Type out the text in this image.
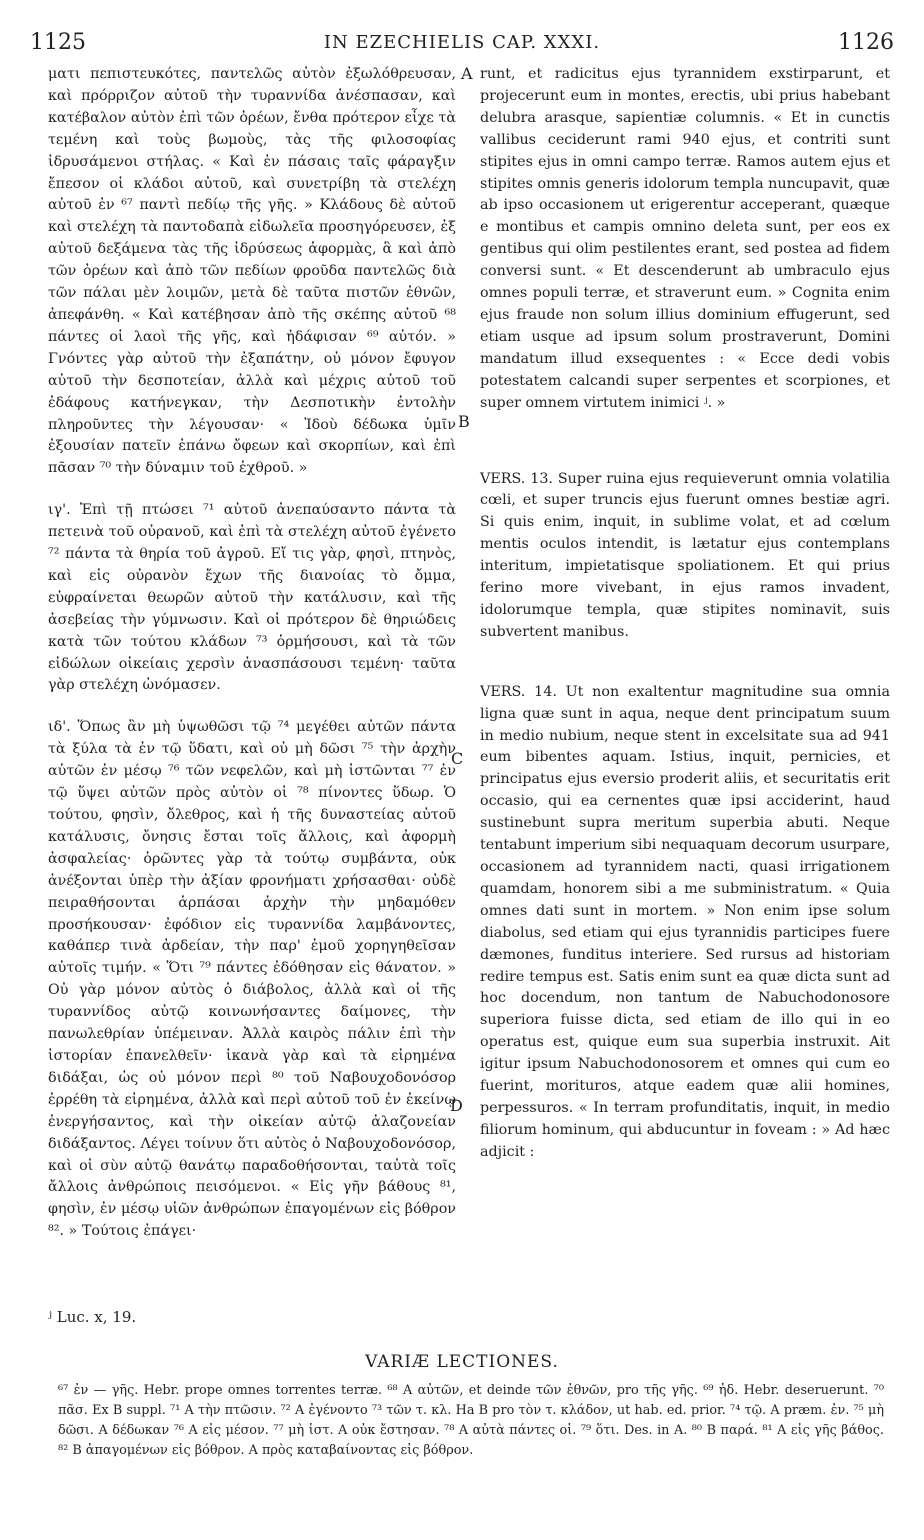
1125	IN EZECHIELIS CAP. XXXI.	1126

ματι πεπιστευκότες, παντελῶς αὐτὸν ἐξωλόθρευσαν, καὶ πρόρριζον αὐτοῦ τὴν τυραννίδα ἀνέσπασαν, καὶ κατέβαλον αὐτὸν ἐπὶ τῶν ὀρέων, ἔνθα πρότερον εἶχε τὰ τεμένη καὶ τοὺς βωμοὺς, τὰς τῆς φιλοσοφίας ἱδρυσάμενοι στήλας. « Καὶ ἐν πάσαις ταῖς φάραγξιν ἔπεσον οἱ κλάδοι αὐτοῦ, καὶ συνετρίβη τὰ στελέχη αὐτοῦ ἐν ⁶⁷ παντὶ πεδίῳ τῆς γῆς. » Κλάδους δὲ αὐτοῦ καὶ στελέχη τὰ παντοδαπὰ εἰδωλεῖα προσηγόρευσεν, ἐξ αὐτοῦ δεξάμενα τὰς τῆς ἱδρύσεως ἀφορμὰς, ἃ καὶ ἀπὸ τῶν ὀρέων καὶ ἀπὸ τῶν πεδίων φροῦδα παντελῶς διὰ τῶν πάλαι μὲν λοιμῶν, μετὰ δὲ ταῦτα πιστῶν ἐθνῶν, ἀπεφάνθη. « Καὶ κατέβησαν ἀπὸ τῆς σκέπης αὐτοῦ ⁶⁸ πάντες οἱ λαοὶ τῆς γῆς, καὶ ἠδάφισαν ⁶⁹ αὐτόν. » Γνόντες γὰρ αὐτοῦ τὴν ἐξαπάτην, οὐ μόνον ἔφυγον αὐτοῦ τὴν δεσποτείαν, ἀλλὰ καὶ μέχρις αὐτοῦ τοῦ ἐδάφους κατήνεγκαν, τὴν Δεσποτικὴν ἐντολὴν πληροῦντες τὴν λέγουσαν· « Ἰδοὺ δέδωκα ὑμῖν ἐξουσίαν πατεῖν ἐπάνω ὄφεων καὶ σκορπίων, καὶ ἐπὶ πᾶσαν ⁷⁰ τὴν δύναμιν τοῦ ἐχθροῦ. »

ιγ'. Ἐπὶ τῇ πτώσει ⁷¹ αὐτοῦ ἀνεπαύσαντο πάντα τὰ πετεινὰ τοῦ οὐρανοῦ, καὶ ἐπὶ τὰ στελέχη αὐτοῦ ἐγένετο ⁷² πάντα τὰ θηρία τοῦ ἀγροῦ. Εἴ τις γὰρ, φησὶ, πτηνὸς, καὶ εἰς οὐρανὸν ἔχων τῆς διανοίας τὸ ὄμμα, εὐφραίνεται θεωρῶν αὐτοῦ τὴν κατάλυσιν, καὶ τῆς ἀσεβείας τὴν γύμνωσιν. Καὶ οἱ πρότερον δὲ θηριώδεις κατὰ τῶν τούτου κλάδων ⁷³ ὁρμήσουσι, καὶ τὰ τῶν εἰδώλων οἰκείαις χερσὶν ἀνασπάσουσι τεμένη· ταῦτα γὰρ στελέχη ὠνόμασεν.

ιδ'. Ὅπως ἂν μὴ ὑψωθῶσι τῷ ⁷⁴ μεγέθει αὐτῶν πάντα τὰ ξύλα τὰ ἐν τῷ ὕδατι, καὶ οὐ μὴ δῶσι ⁷⁵ τὴν ἀρχὴν αὐτῶν ἐν μέσῳ ⁷⁶ τῶν νεφελῶν, καὶ μὴ ἱστῶνται ⁷⁷ ἐν τῷ ὕψει αὐτῶν πρὸς αὐτὸν οἱ ⁷⁸ πίνοντες ὕδωρ. Ὁ τούτου, φησὶν, ὄλεθρος, καὶ ἡ τῆς δυναστείας αὐτοῦ κατάλυσις, ὄνησις ἔσται τοῖς ἄλλοις, καὶ ἀφορμὴ ἀσφαλείας· ὁρῶντες γὰρ τὰ τούτῳ συμβάντα, οὐκ ἀνέξονται ὑπὲρ τὴν ἀξίαν φρονήματι χρήσασθαι· οὐδὲ πειραθήσονται ἁρπάσαι ἀρχὴν τὴν μηδαμόθεν προσήκουσαν· ἐφόδιον εἰς τυραννίδα λαμβάνοντες, καθάπερ τινὰ ἀρδείαν, τὴν παρ' ἐμοῦ χορηγηθεῖσαν αὐτοῖς τιμήν. « Ὅτι ⁷⁹ πάντες ἐδόθησαν εἰς θάνατον. » Οὐ γὰρ μόνον αὐτὸς ὁ διάβολος, ἀλλὰ καὶ οἱ τῆς τυραννίδος αὐτῷ κοινωνήσαντες δαίμονες, τὴν πανωλεθρίαν ὑπέμειναν. Ἀλλὰ καιρὸς πάλιν ἐπὶ τὴν ἱστορίαν ἐπανελθεῖν· ἱκανὰ γὰρ καὶ τὰ εἰρημένα διδάξαι, ὡς οὐ μόνον περὶ ⁸⁰ τοῦ Ναβουχοδονόσορ ἐρρέθη τὰ εἰρημένα, ἀλλὰ καὶ περὶ αὐτοῦ τοῦ ἐν ἐκείνῳ ἐνεργήσαντος, καὶ τὴν οἰκείαν αὐτῷ ἀλαζονείαν διδάξαντος. Λέγει τοίνυν ὅτι αὐτὸς ὁ Ναβουχοδονόσορ, καὶ οἱ σὺν αὐτῷ θανάτῳ παραδοθήσονται, ταὐτὰ τοῖς ἄλλοις ἀνθρώποις πεισόμενοι. « Εἰς γῆν βάθους ⁸¹, φησὶν, ἐν μέσῳ υἱῶν ἀνθρώπων ἐπαγομένων εἰς βόθρον ⁸². » Τούτοις ἐπάγει·

runt, et radicitus ejus tyrannidem exstirparunt, et projecerunt eum in montes, erectis, ubi prius habebant delubra arasque, sapientiæ columnis. « Et in cunctis vallibus ceciderunt rami 940 ejus, et contriti sunt stipites ejus in omni campo terræ. Ramos autem ejus et stipites omnis generis idolorum templa nuncupavit, quæ ab ipso occasionem ut erigerentur acceperant, quæque e montibus et campis omnino deleta sunt, per eos ex gentibus qui olim pestilentes erant, sed postea ad fidem conversi sunt. « Et descenderunt ab umbraculo ejus omnes populi terræ, et straverunt eum. » Cognita enim ejus fraude non solum illius dominium effugerunt, sed etiam usque ad ipsum solum prostraverunt, Domini mandatum illud exsequentes : « Ecce dedi vobis potestatem calcandi super serpentes et scorpiones, et super omnem virtutem inimici ʲ. »

VERS. 13. Super ruina ejus requieverunt omnia volatilia cœli, et super truncis ejus fuerunt omnes bestiæ agri. Si quis enim, inquit, in sublime volat, et ad cœlum mentis oculos intendit, is lætatur ejus contemplans interitum, impietatisque spoliationem. Et qui prius ferino more vivebant, in ejus ramos invadent, idolorumque templa, quæ stipites nominavit, suis subvertent manibus.

VERS. 14. Ut non exaltentur magnitudine sua omnia ligna quæ sunt in aqua, neque dent principatum suum in medio nubium, neque stent in excelsitate sua ad 941 eum bibentes aquam. Istius, inquit, pernicies, et principatus ejus eversio proderit aliis, et securitatis erit occasio, qui ea cernentes quæ ipsi acciderint, haud sustinebunt supra meritum superbia abuti. Neque tentabunt imperium sibi nequaquam decorum usurpare, occasionem ad tyrannidem nacti, quasi irrigationem quamdam, honorem sibi a me subministratum. « Quia omnes dati sunt in mortem. » Non enim ipse solum diabolus, sed etiam qui ejus tyrannidis participes fuere dæmones, funditus interiere. Sed rursus ad historiam redire tempus est. Satis enim sunt ea quæ dicta sunt ad hoc docendum, non tantum de Nabuchodonosore superiora fuisse dicta, sed etiam de illo qui in eo operatus est, quique eum sua superbia instruxit. Ait igitur ipsum Nabuchodonosorem et omnes qui cum eo fuerint, morituros, atque eadem quæ alii homines, perpessuros. « In terram profunditatis, inquit, in medio filiorum hominum, qui abducuntur in foveam : » Ad hæc adjicit :

A
B
C
D
ʲ Luc. x, 19.
VARIÆ LECTIONES.

⁶⁷ ἐν — γῆς. Hebr. prope omnes torrentes terræ. ⁶⁸ A αὐτῶν, et deinde τῶν ἐθνῶν, pro τῆς γῆς. ⁶⁹ ἠδ. Hebr. deseruerunt. ⁷⁰ πᾶσ. Ex B suppl. ⁷¹ A τὴν πτῶσιν. ⁷² A ἐγένοντο ⁷³ τῶν τ. κλ. Ha B pro τὸν τ. κλάδον, ut hab. ed. prior. ⁷⁴ τῷ. A præm. ἐν. ⁷⁵ μὴ δῶσι. A δέδωκαν ⁷⁶ A εἰς μέσον. ⁷⁷ μὴ ἱστ. A οὐκ ἔστησαν. ⁷⁸ A αὐτὰ πάντες οἱ. ⁷⁹ ὅτι. Des. in A. ⁸⁰ B παρά. ⁸¹ A εἰς γῆς βάθος. ⁸² B ἀπαγομένων εἰς βόθρον. A πρὸς καταβαίνοντας εἰς βόθρον.
